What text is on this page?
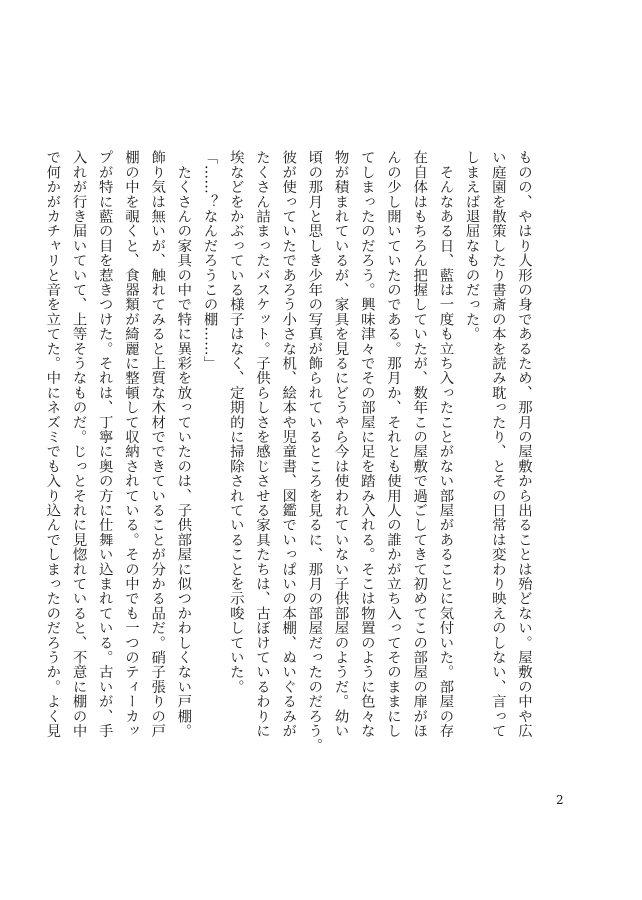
ものの、やはり人形の身であるため、那月の屋敷から出ることは殆どない。屋敷の中や広
い庭園を散策したり書斎の本を読み耽ったり、とその日常は変わり映えのしない、言って
しまえば退屈なものだった。
　そんなある日、藍は一度も立ち入ったことがない部屋があることに気付いた。部屋の存
在自体はもちろん把握していたが、数年この屋敷で過ごしてきて初めてこの部屋の扉がほ
んの少し開いていたのである。那月か、それとも使用人の誰かが立ち入ってそのままにし
てしまったのだろう。興味津々でその部屋に足を踏み入れる。そこは物置のように色々な
物が積まれているが、家具を見るにどうやら今は使われていない子供部屋のようだ。幼い
頃の那月と思しき少年の写真が飾られているところを見るに、那月の部屋だったのだろう。
彼が使っていたであろう小さな机、絵本や児童書、図鑑でいっぱいの本棚、ぬいぐるみが
たくさん詰まったバスケット。子供らしさを感じさせる家具たちは、古ぼけているわりに
埃などをかぶっている様子はなく、定期的に掃除されていることを示唆していた。
「……？なんだろうこの棚……」
　たくさんの家具の中で特に異彩を放っていたのは、子供部屋に似つかわしくない戸棚。
飾り気は無いが、触れてみると上質な木材でできていることが分かる品だ。硝子張りの戸
棚の中を覗くと、食器類が綺麗に整頓して収納されている。その中でも一つのティーカッ
プが特に藍の目を惹きつけた。それは、丁寧に奥の方に仕舞い込まれている。古いが、手
入れが行き届いていて、上等そうなものだ。じっとそれに見惚れていると、不意に棚の中
で何かがカチャリと音を立てた。中にネズミでも入り込んでしまったのだろうか。よく見
2
